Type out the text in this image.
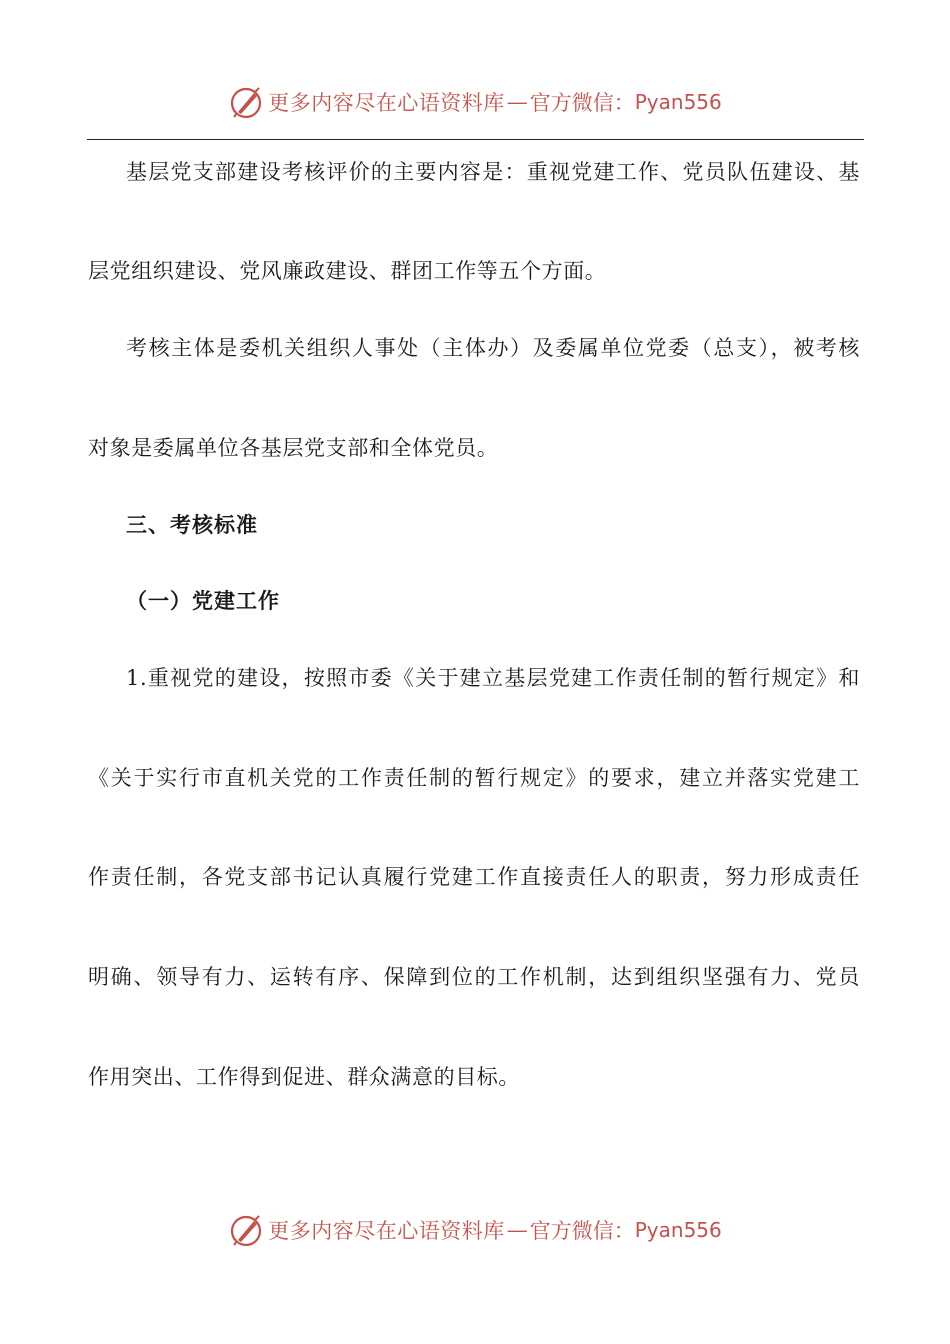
更多内容尽在心语资料库 — 官方微信： Pyan556
基层党支部建设考核评价的主要内容是：重视党建工作、党员队伍建设、基
层党组织建设、党风廉政建设、群团工作等五个方面。
考核主体是委机关组织人事处（主体办）及委属单位党委（总支），被考核
对象是委属单位各基层党支部和全体党员。
三、考核标准
（一）党建工作
1.重视党的建设，按照市委《关于建立基层党建工作责任制的暂行规定》和
《关于实行市直机关党的工作责任制的暂行规定》的要求，建立并落实党建工
作责任制，各党支部书记认真履行党建工作直接责任人的职责，努力形成责任
明确、领导有力、运转有序、保障到位的工作机制，达到组织坚强有力、党员
作用突出、工作得到促进、群众满意的目标。
更多内容尽在心语资料库 — 官方微信： Pyan556
